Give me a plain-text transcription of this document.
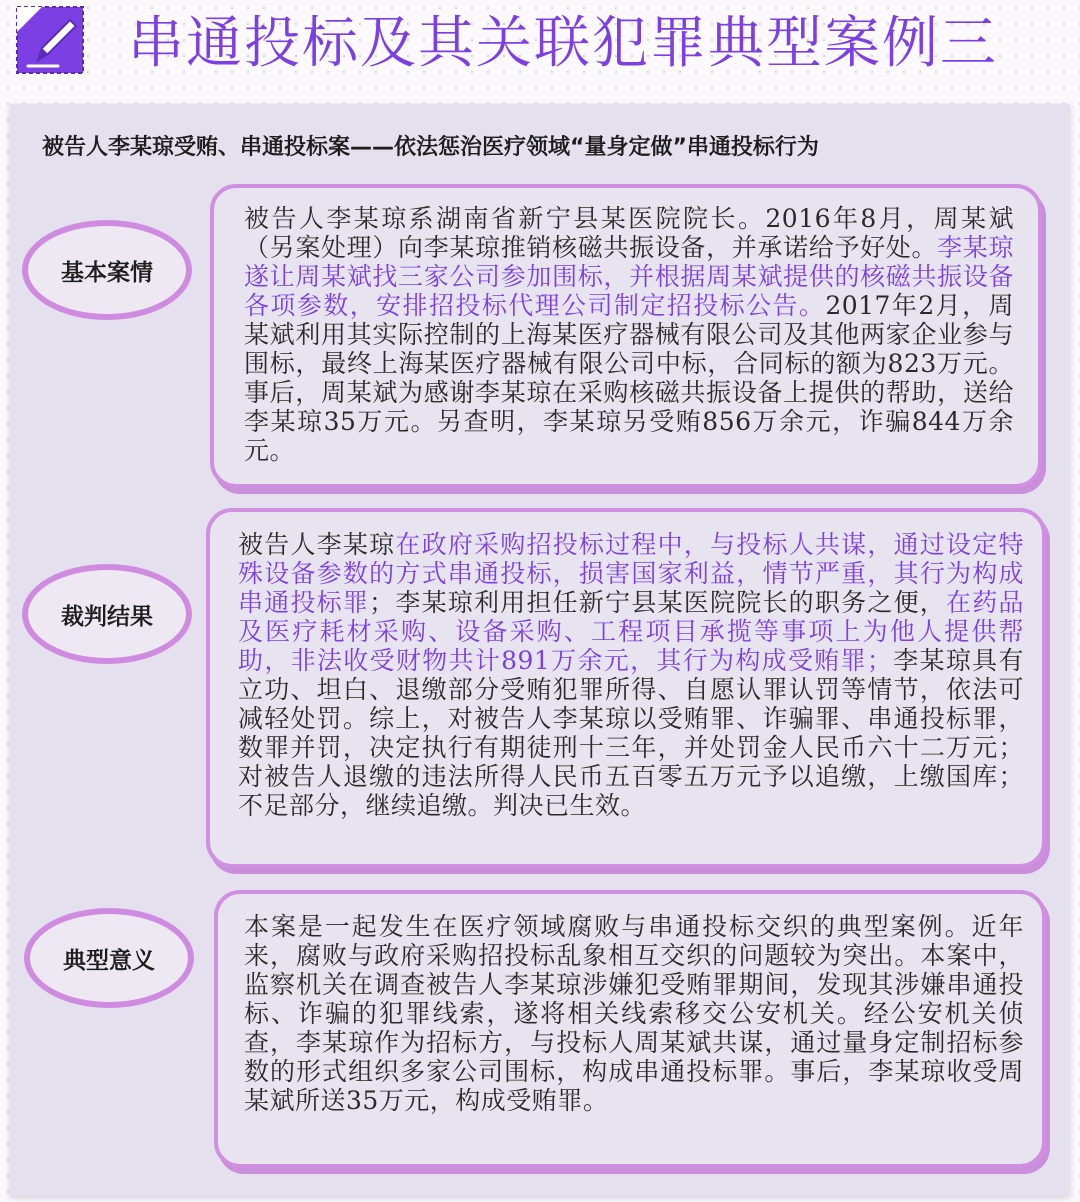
串通投标及其关联犯罪典型案例三
被告人李某琼受贿、串通投标案——依法惩治医疗领域“量身定做”串通投标行为
基本案情

被告人李某琼系湖南省新宁县某医院院长。2016年8月，周某斌（另案处理）向李某琼推销核磁共振设备，并承诺给予好处。李某琼遂让周某斌找三家公司参加围标，并根据周某斌提供的核磁共振设备各项参数，安排招投标代理公司制定招投标公告。2017年2月，周某斌利用其实际控制的上海某医疗器械有限公司及其他两家企业参与围标，最终上海某医疗器械有限公司中标，合同标的额为823万元。事后，周某斌为感谢李某琼在采购核磁共振设备上提供的帮助，送给李某琼35万元。另查明，李某琼另受贿856万余元，诈骗844万余元。

裁判结果

被告人李某琼在政府采购招投标过程中，与投标人共谋，通过设定特殊设备参数的方式串通投标，损害国家利益，情节严重，其行为构成串通投标罪；李某琼利用担任新宁县某医院院长的职务之便，在药品及医疗耗材采购、设备采购、工程项目承揽等事项上为他人提供帮助，非法收受财物共计891万余元，其行为构成受贿罪；李某琼具有立功、坦白、退缴部分受贿犯罪所得、自愿认罪认罚等情节，依法可减轻处罚。综上，对被告人李某琼以受贿罪、诈骗罪、串通投标罪，数罪并罚，决定执行有期徒刑十三年，并处罚金人民币六十二万元；对被告人退缴的违法所得人民币五百零五万元予以追缴，上缴国库；不足部分，继续追缴。判决已生效。

典型意义

本案是一起发生在医疗领域腐败与串通投标交织的典型案例。近年来，腐败与政府采购招投标乱象相互交织的问题较为突出。本案中，监察机关在调查被告人李某琼涉嫌犯受贿罪期间，发现其涉嫌串通投标、诈骗的犯罪线索，遂将相关线索移交公安机关。经公安机关侦查，李某琼作为招标方，与投标人周某斌共谋，通过量身定制招标参数的形式组织多家公司围标，构成串通投标罪。事后，李某琼收受周某斌所送35万元，构成受贿罪。
